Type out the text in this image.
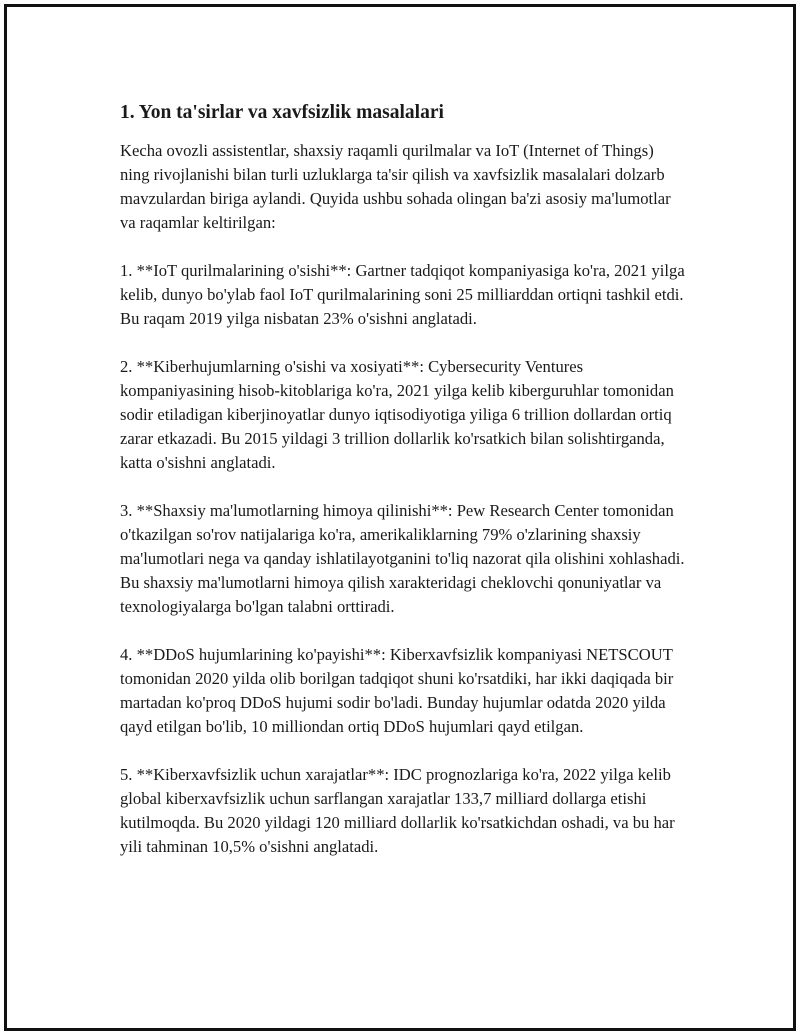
1. Yon ta'sirlar va xavfsizlik masalalari

Kecha ovozli assistentlar, shaxsiy raqamli qurilmalar va IoT (Internet of Things) ning rivojlanishi bilan turli uzluklarga ta'sir qilish va xavfsizlik masalalari dolzarb mavzulardan biriga aylandi. Quyida ushbu sohada olingan ba'zi asosiy ma'lumotlar va raqamlar keltirilgan:

1. **IoT qurilmalarining o'sishi**: Gartner tadqiqot kompaniyasiga ko'ra, 2021 yilga kelib, dunyo bo'ylab faol IoT qurilmalarining soni 25 milliarddan ortiqni tashkil etdi. Bu raqam 2019 yilga nisbatan 23% o'sishni anglatadi.

2. **Kiberhujumlarning o'sishi va xosiyati**: Cybersecurity Ventures kompaniyasining hisob-kitoblariga ko'ra, 2021 yilga kelib kiberguruhlar tomonidan sodir etiladigan kiberjinoyatlar dunyo iqtisodiyotiga yiliga 6 trillion dollardan ortiq zarar etkazadi. Bu 2015 yildagi 3 trillion dollarlik ko'rsatkich bilan solishtirganda, katta o'sishni anglatadi.

3. **Shaxsiy ma'lumotlarning himoya qilinishi**: Pew Research Center tomonidan o'tkazilgan so'rov natijalariga ko'ra, amerikaliklarning 79% o'zlarining shaxsiy ma'lumotlari nega va qanday ishlatilayotganini to'liq nazorat qila olishini xohlashadi. Bu shaxsiy ma'lumotlarni himoya qilish xarakteridagi cheklovchi qonuniyatlar va texnologiyalarga bo'lgan talabni orttiradi.

4. **DDoS hujumlarining ko'payishi**: Kiberxavfsizlik kompaniyasi NETSCOUT tomonidan 2020 yilda olib borilgan tadqiqot shuni ko'rsatdiki, har ikki daqiqada bir martadan ko'proq DDoS hujumi sodir bo'ladi. Bunday hujumlar odatda 2020 yilda qayd etilgan bo'lib, 10 milliondan ortiq DDoS hujumlari qayd etilgan.

5. **Kiberxavfsizlik uchun xarajatlar**: IDC prognozlariga ko'ra, 2022 yilga kelib global kiberxavfsizlik uchun sarflangan xarajatlar 133,7 milliard dollarga etishi kutilmoqda. Bu 2020 yildagi 120 milliard dollarlik ko'rsatkichdan oshadi, va bu har yili tahminan 10,5% o'sishni anglatadi.
